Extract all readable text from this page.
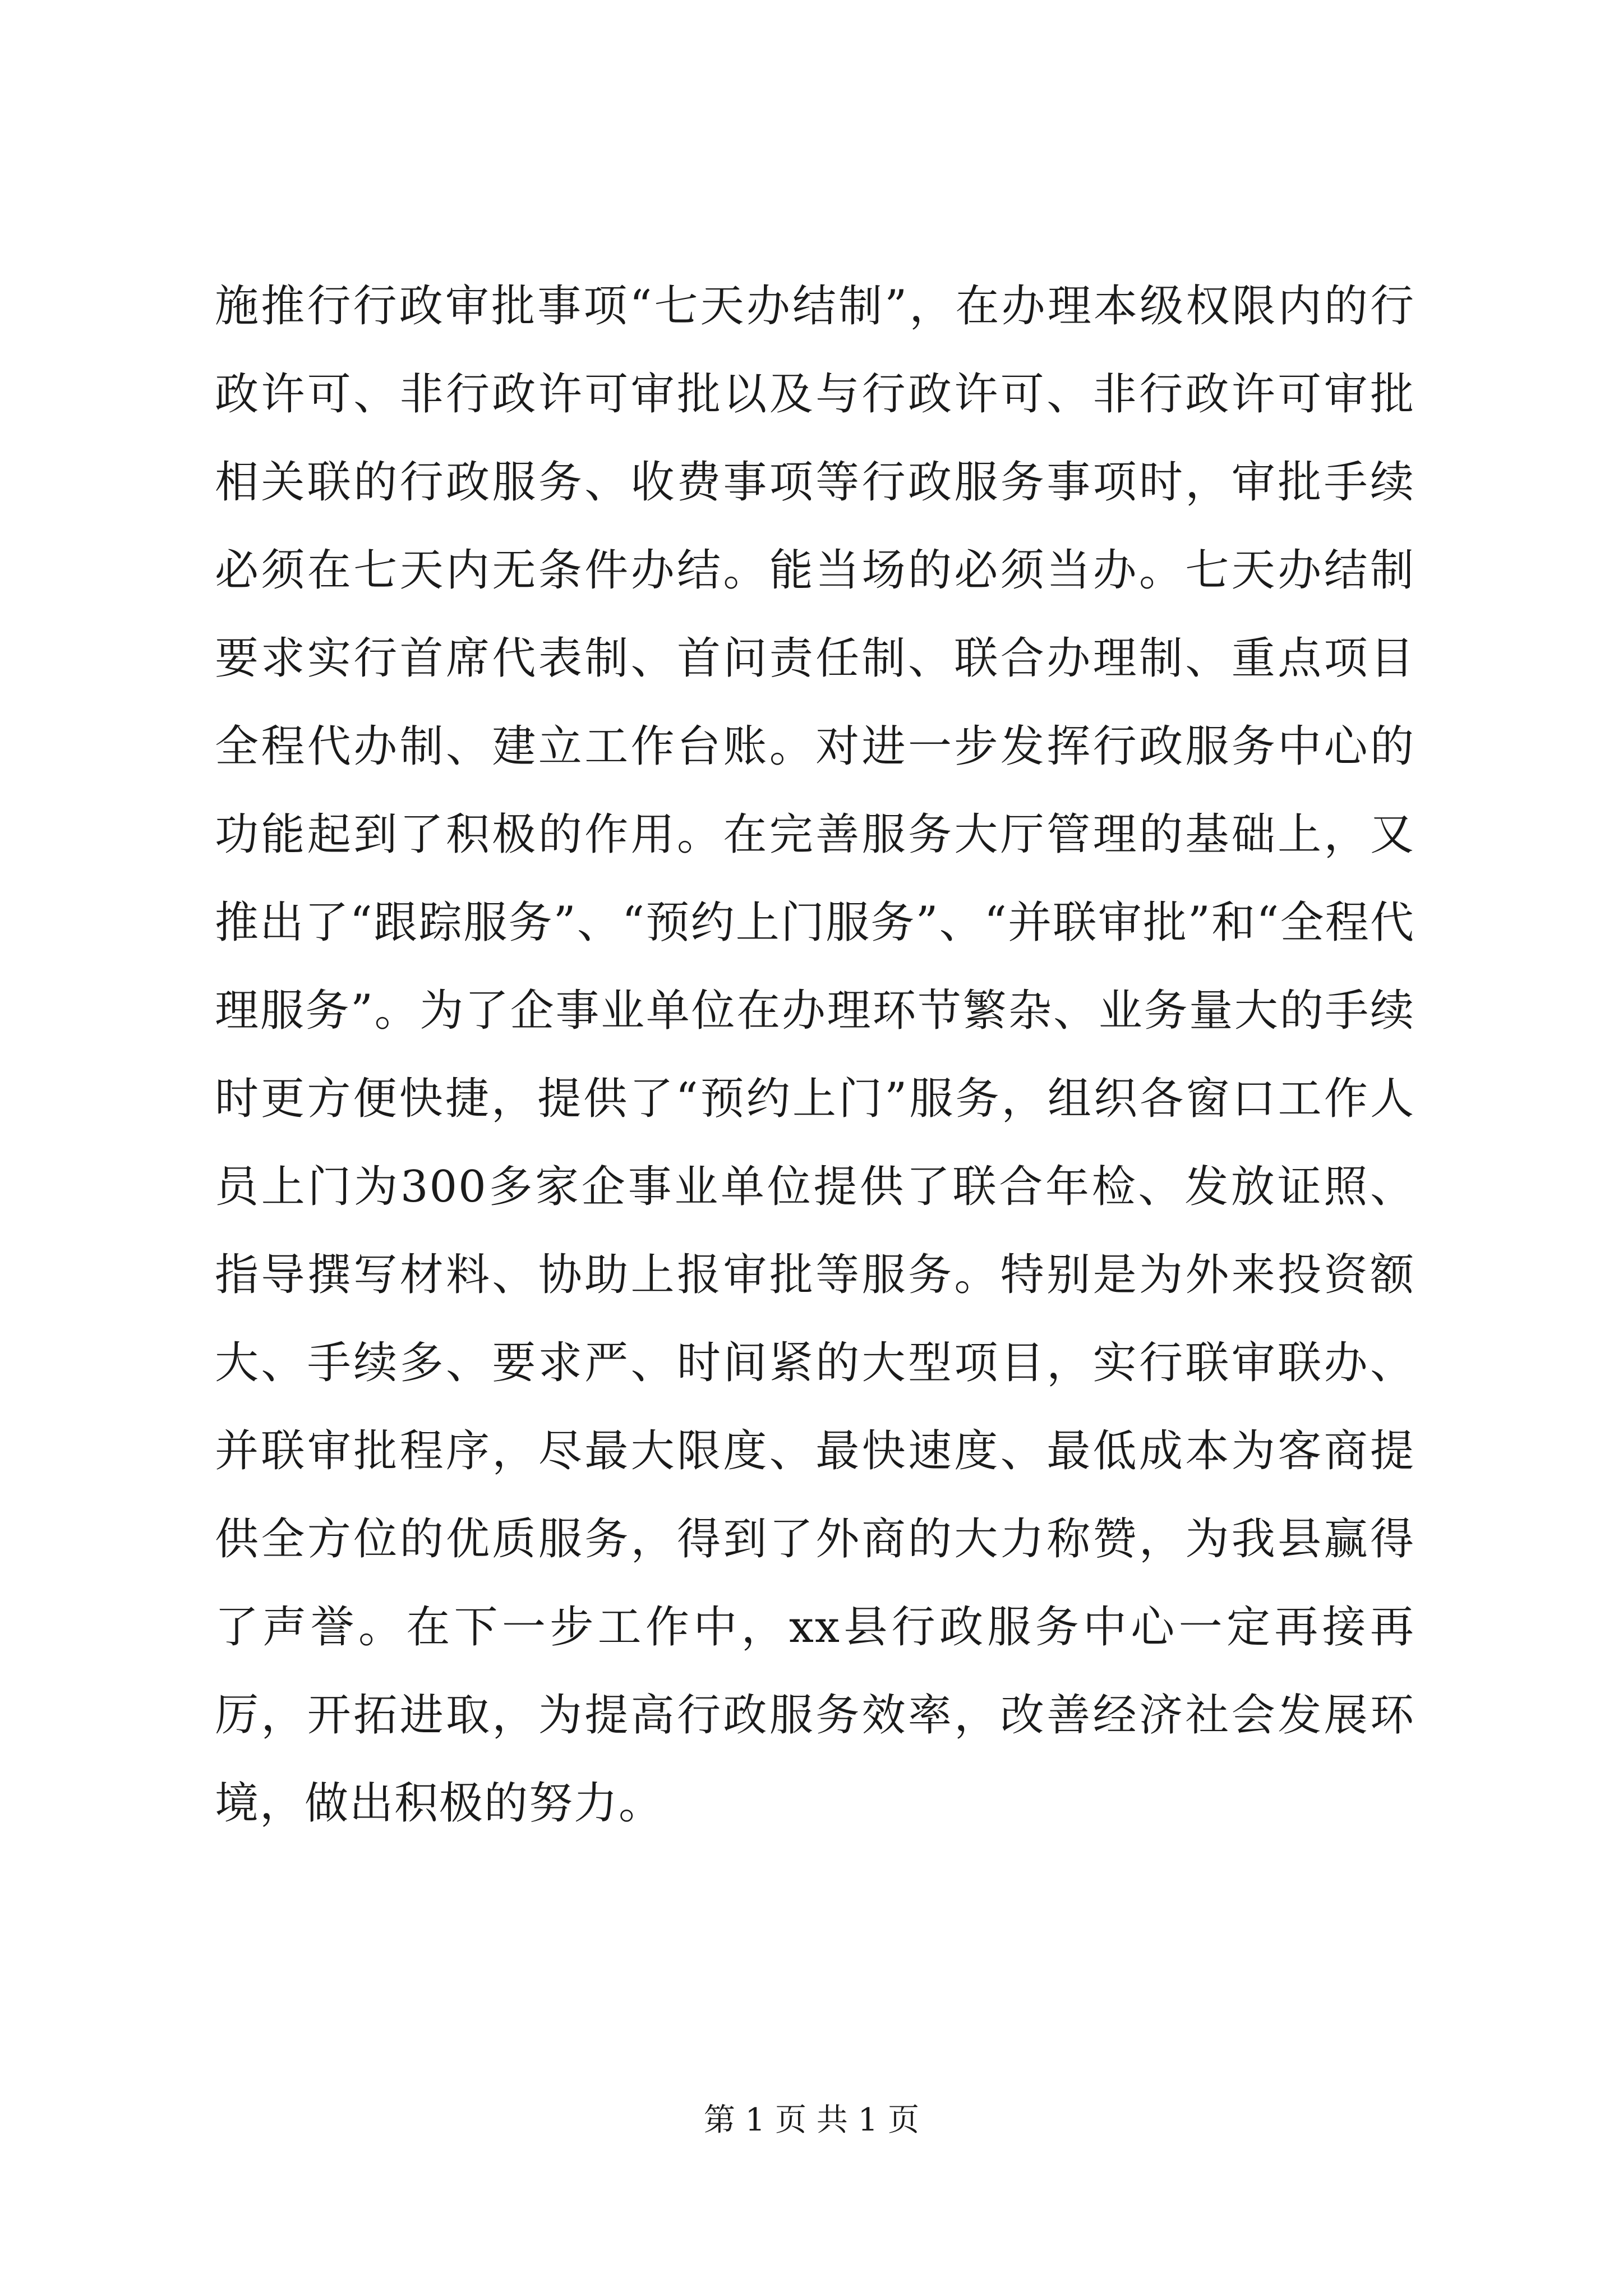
施推行行政审批事项“七天办结制”，在办理本级权限内的行政许可、非行政许可审批以及与行政许可、非行政许可审批相关联的行政服务、收费事项等行政服务事项时，审批手续必须在七天内无条件办结。能当场的必须当办。七天办结制要求实行首席代表制、首问责任制、联合办理制、重点项目全程代办制、建立工作台账。对进一步发挥行政服务中心的功能起到了积极的作用。在完善服务大厅管理的基础上，又推出了“跟踪服务”、“预约上门服务”、“并联审批”和“全程代理服务”。为了企事业单位在办理环节繁杂、业务量大的手续时更方便快捷，提供了“预约上门”服务，组织各窗口工作人员上门为300多家企事业单位提供了联合年检、发放证照、指导撰写材料、协助上报审批等服务。特别是为外来投资额大、手续多、要求严、时间紧的大型项目，实行联审联办、并联审批程序，尽最大限度、最快速度、最低成本为客商提供全方位的优质服务，得到了外商的大力称赞，为我县赢得了声誉。在下一步工作中，xx县行政服务中心一定再接再厉，开拓进取，为提高行政服务效率，改善经济社会发展环境，做出积极的努力。

第 1 页 共 1 页
